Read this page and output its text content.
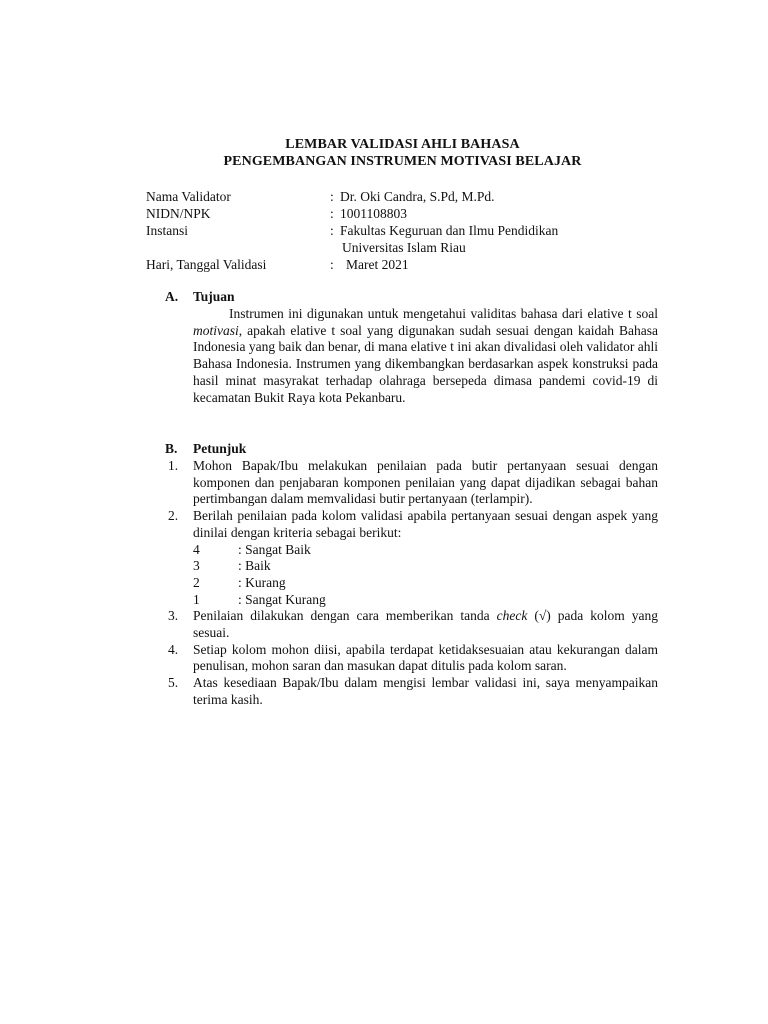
LEMBAR VALIDASI AHLI BAHASA
PENGEMBANGAN INSTRUMEN MOTIVASI BELAJAR
Nama Validator	: Dr. Oki Candra, S.Pd, M.Pd.
NIDN/NPK	: 1001108803
Instansi	: Fakultas Keguruan dan Ilmu Pendidikan
Universitas Islam Riau
Hari, Tanggal Validasi	: Maret 2021
A. Tujuan
Instrumen ini digunakan untuk mengetahui validitas bahasa dari elative t soal motivasi, apakah elative t soal yang digunakan sudah sesuai dengan kaidah Bahasa Indonesia yang baik dan benar, di mana elative t ini akan divalidasi oleh validator ahli Bahasa Indonesia. Instrumen yang dikembangkan berdasarkan aspek konstruksi pada hasil minat masyrakat terhadap olahraga bersepeda dimasa pandemi covid-19 di kecamatan Bukit Raya kota Pekanbaru.
B. Petunjuk
1. Mohon Bapak/Ibu melakukan penilaian pada butir pertanyaan sesuai dengan komponen dan penjabaran komponen penilaian yang dapat dijadikan sebagai bahan pertimbangan dalam memvalidasi butir pertanyaan (terlampir).
2. Berilah penilaian pada kolom validasi apabila pertanyaan sesuai dengan aspek yang dinilai dengan kriteria sebagai berikut:
4	: Sangat Baik
3	: Baik
2	: Kurang
1	: Sangat Kurang
3. Penilaian dilakukan dengan cara memberikan tanda check (√) pada kolom yang sesuai.
4. Setiap kolom mohon diisi, apabila terdapat ketidaksesuaian atau kekurangan dalam penulisan, mohon saran dan masukan dapat ditulis pada kolom saran.
5. Atas kesediaan Bapak/Ibu dalam mengisi lembar validasi ini, saya menyampaikan terima kasih.
